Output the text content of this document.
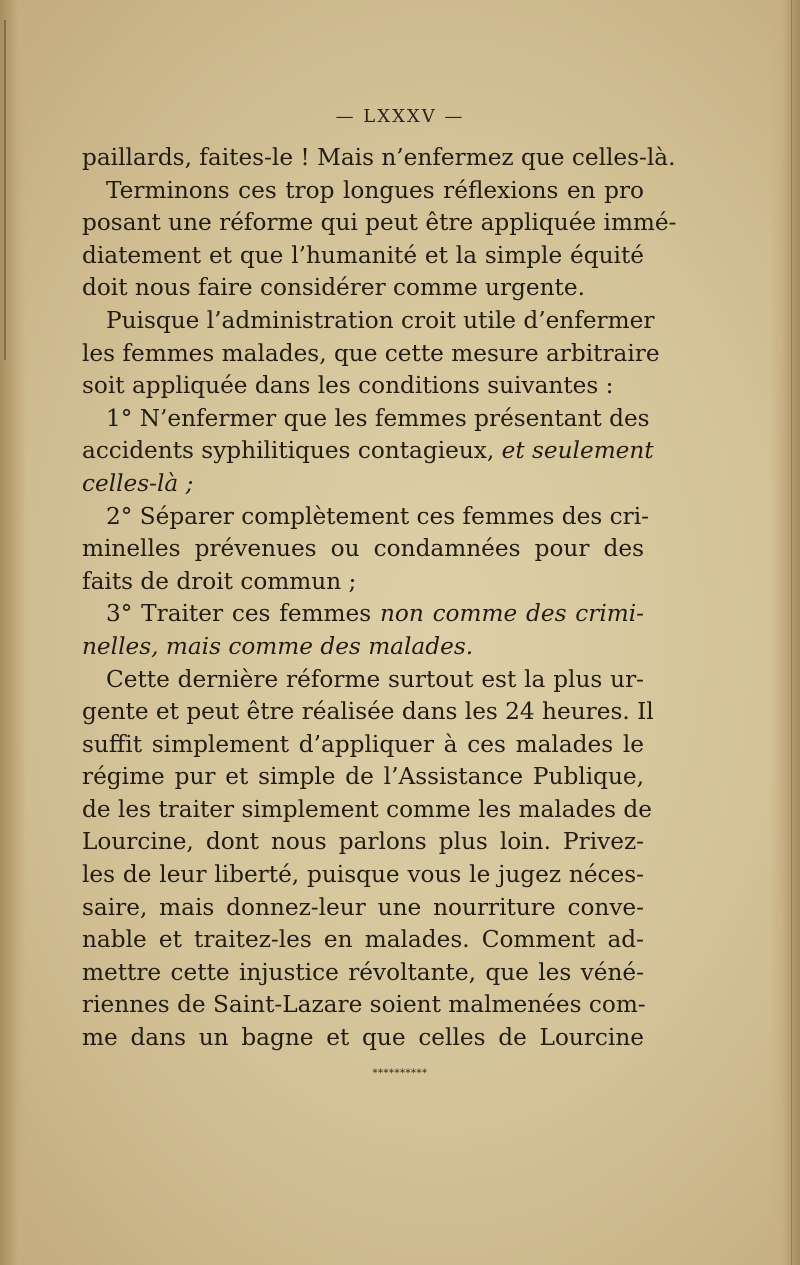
— LXXXV —
paillards, faites-le ! Mais n’enfermez que celles-là.
Terminons ces trop longues réflexions en pro
posant une réforme qui peut être appliquée immé-
diatement et que l’humanité et la simple équité
doit nous faire considérer comme urgente.
Puisque l’administration croit utile d’enfermer
les femmes malades, que cette mesure arbitraire
soit appliquée dans les conditions suivantes :
1° N’enfermer que les femmes présentant des
accidents syphilitiques contagieux, et seulement
celles-là ;
2° Séparer complètement ces femmes des cri-
minelles prévenues ou condamnées pour des
faits de droit commun ;
3° Traiter ces femmes non comme des crimi-
nelles, mais comme des malades.
Cette dernière réforme surtout est la plus ur-
gente et peut être réalisée dans les 24 heures. Il
suffit simplement d’appliquer à ces malades le
régime pur et simple de l’Assistance Publique,
de les traiter simplement comme les malades de
Lourcine, dont nous parlons plus loin. Privez-
les de leur liberté, puisque vous le jugez néces-
saire, mais donnez-leur une nourriture conve-
nable et traitez-les en malades. Comment ad-
mettre cette injustice révoltante, que les véné-
riennes de Saint-Lazare soient malmenées com-
me dans un bagne et que celles de Lourcine
**********
